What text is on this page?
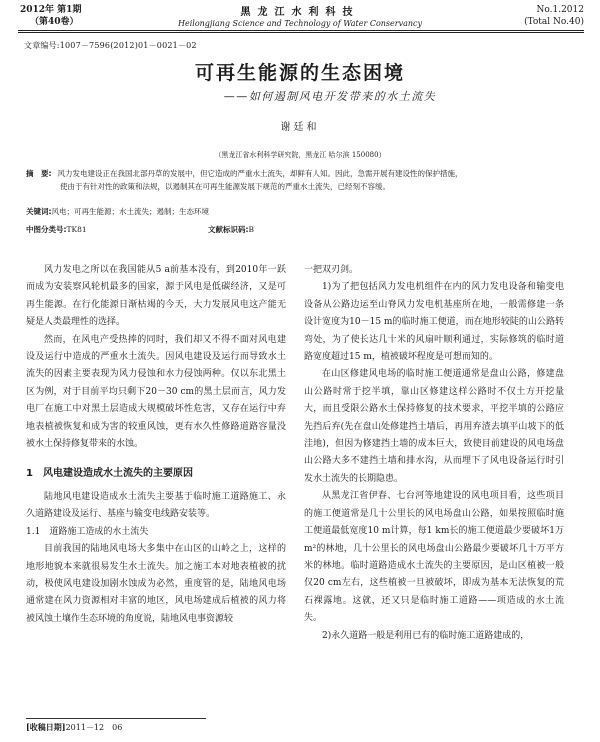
2012年 第1期
（第40卷）
黑龙江水利科技
Heilongjiang Science and Technology of Water Conservancy
No.1.2012
(Total No.40)
文章编号:1007－7596(2012)01－0021－02
可再生能源的生态困境
——如何遏制风电开发带来的水土流失
谢廷和
（黑龙江省水利科学研究院，黑龙江 哈尔滨 150080）
摘　要: 风力发电建设正在我国北部丹草的发展中，但它造成的严重水土流失，却鲜有人知。因此，急需开展有建设性的保护措施，
使由于有针对性的政策和法规，以遏制其在可再生能源发展下规范的严重水土流失，已经刻不容缓。
关键词:风电；可再生能源；水土流失；遏制；生态环境
中图分类号:TK81	文献标识码:B

风力发电之所以在我国能从5 a前基本没有，到2010年一跃而成为安装察风轮机最多的国家，源于风电是低碳经济，又是可再生能源。在行化能源日渐枯竭的今天，大力发展风电这产能无疑是人类最理性的选择。

然而，在风电产受热捧的同时，我们却又不得不面对风电建设及运行中造成的严重水土流失。因风电建设及运行而导致水土流失的因素主要表现为风力侵蚀和水力侵蚀两种。仅以东北黑土区为例，对于目前平均只剩下20－30 cm的黑土层而言，风力发电厂在施工中对黑土层造成大规模破坏性危害，又存在运行中弃地表植被恢复和成为害的较重风蚀，更有水久性修路道路容量没被水土保持修复带来的水蚀。

1　风电建设造成水土流失的主要原因

陆地风电建设造成水土流失主要基于临时施工道路施工、永久道路建设及运行、基座与输变电线路安装等。

1.1　道路施工造成的水土流失

目前我国的陆地风电场大多集中在山区的山岭之上，这样的地形地貌本来就很易发生水土流失。加之施工本对地表植被的扰动，极使风电建设加剧水蚀成为必然，重度管的是，陆地风电场通常建在风力资源相对丰富的地区，风电场建成后植被的风力将被风蚀土壤作生态环境的角度说，陆地风电事资源较

一把双刃剑。

1)为了把包括风力发电机组件在内的风力发电设备和输变电设备从公路边运至山脊风力发电机基座所在地，一般需修建一条设计宽度为10－15 m的临时施工便道，而在地形较陡的山公路转弯处，为了使长达几十米的风扇叶顺利通过，实际修筑的临时道路宽度超过15 m，植被破坏程度是可想而知的。

在山区修建风电场的临时施工便道通常是盘山公路，修建盘山公路时常于挖半填，靠山区修建这样公路时不仅土方开挖量大，而且受限公路水土保持修复的技术要求，平挖半填的公路应先挡后弃(先在盘山处修建挡土墙后，再用弃渣去填平山坡下的低洼地)，但因为修建挡土墙的成本巨大，致使目前建设的风电场盘山公路大多不建挡土墙和排水沟，从而埋下了风电设备运行时引发水土流失的长期隐患。

从黑龙江省伊春、七台河等地建设的风电项目看，这些项目的施工便道常是几十公里长的风电场盘山公路，如果按照临时施工便道最低宽度10 m计算，每1 km长的施工便道最少要破坏1万m²的林地，几十公里长的风电场盘山公路最少要破坏几十万平方米的林地。临时道路造成水土流失的主要原因，是山区植被一般仅20 cm左右，这些植被一旦被破坏，即成为基本无法恢复的荒石裸露地。这就，还又只是临时施工道路——项造成的水土流失。

2)永久道路一般是利用已有的临时施工道路建成的，

[收稿日期]2011－12　06
